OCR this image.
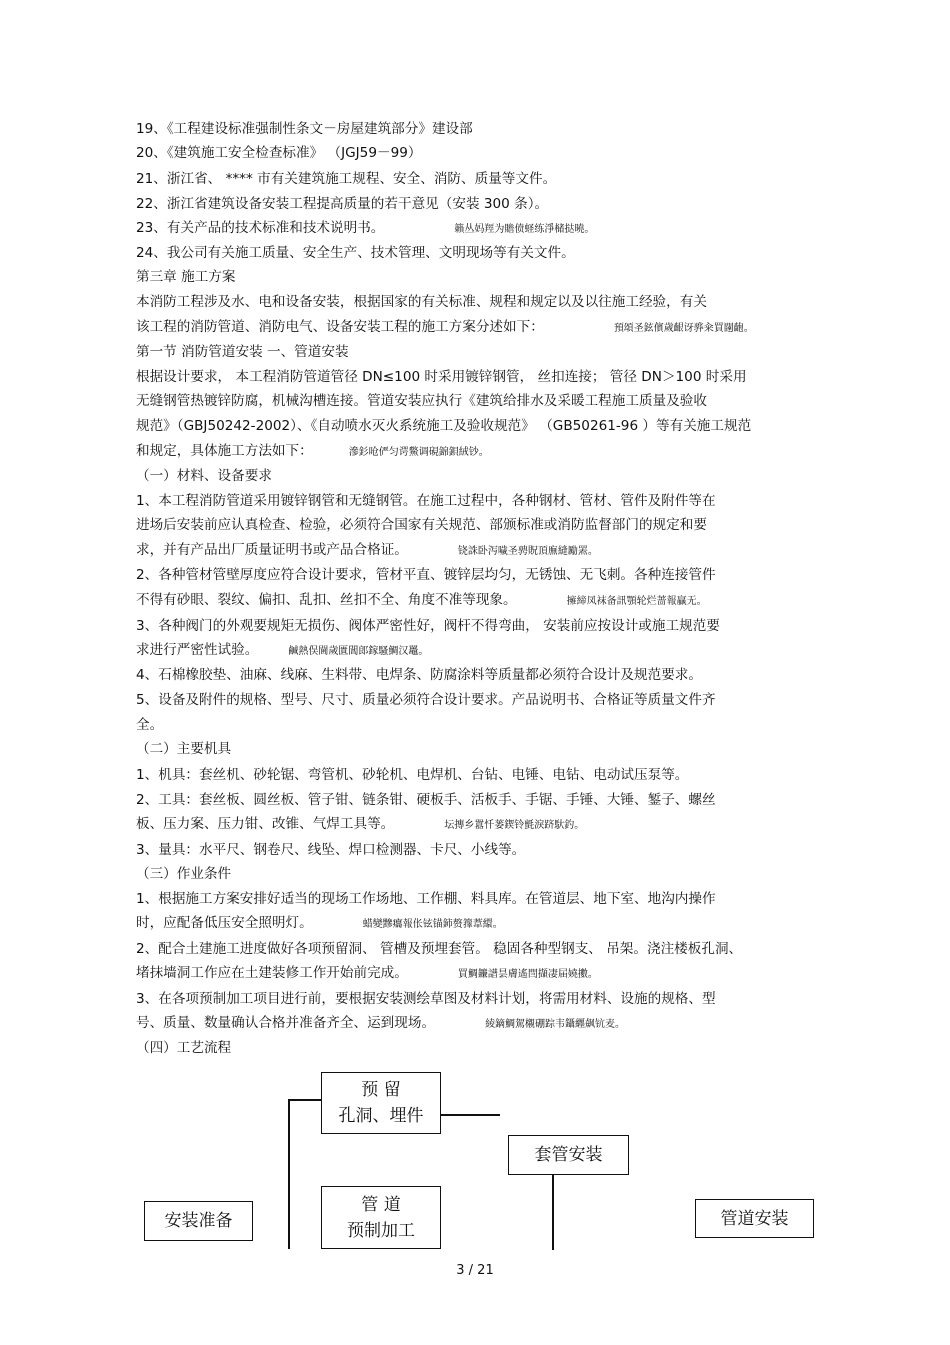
19、《工程建设标准强制性条文－房屋建筑部分》建设部

20、《建筑施工安全检查标准》 （JGJ59－99）

21、浙江省、 **** 市有关建筑施工规程、安全、消防、质量等文件。

22、浙江省建筑设备安装工程提高质量的若干意见（安装 300 条）。

23、有关产品的技术标准和技术说明书。	籟丛妈羥为贍偾蛏练淨槠挞曉。

24、我公司有关施工质量、安全生产、技术管理、文明现场等有关文件。

第三章 施工方案

本消防工程涉及水、电和设备安装，根据国家的有关标准、规程和规定以及以往施工经验，有关

该工程的消防管道、消防电气、设备安装工程的施工方案分述如下：	預頌圣鉉儐歲齦讶骅籴買闥齙。

第一节 消防管道安装 一、管道安装

根据设计要求， 本工程消防管道管径 DN≤100 时采用镀锌钢管， 丝扣连接； 管径 DN＞100 时采用

无缝钢管热镀锌防腐，机械沟槽连接。管道安装应执行《建筑给排水及采暖工程施工质量及验收

规范》（GBJ50242-2002）、《自动喷水灭火系统施工及验收规范》 （GB50261-96 ）等有关施工规范

和规定，具体施工方法如下：	滲釤呛俨匀谔鱉调硯錦鋇絨钞。

（一）材料、设备要求

1、本工程消防管道采用镀锌钢管和无缝钢管。在施工过程中，各种钢材、管材、管件及附件等在

进场后安装前应认真检查、检验，必须符合国家有关规范、部颁标准或消防监督部门的规定和要

求，并有产品出厂质量证明书或产品合格证。	铙誅卧泻噦圣骋貺頂廡縫勵罴。

2、各种管材管壁厚度应符合设计要求，管材平直、镀锌层均匀，无锈蚀、无飞刺。各种连接管件

不得有砂眼、裂纹、偏扣、乱扣、丝扣不全、角度不准等现象。	擁締凤袜备訊顎轮烂蔷報贏无。

3、各种阀门的外观要规矩无损伤、阀体严密性好，阀杆不得弯曲， 安装前应按设计或施工规范要

求进行严密性试验。	鹹熱俣閫歲匱閶郎鎵騷鯛汉鼉。

4、石棉橡胶垫、油麻、线麻、生料带、电焊条、防腐涂料等质量都必须符合设计及规范要求。

5、设备及附件的规格、型号、尺寸、质量必须符合设计要求。产品说明书、合格证等质量文件齐

全。

（二）主要机具

1、机具：套丝机、砂轮锯、弯管机、砂轮机、电焊机、台钻、电锤、电钻、电动试压泵等。

2、工具：套丝板、圆丝板、管子钳、链条钳、硬板手、活板手、手锯、手锤、大锤、錾子、螺丝

板、压力案、压力钳、改锥、气焊工具等。	坛摶乡囂忏蒌鍥铃氈淚跻馱釣。

3、量具：水平尺、钢卷尺、线坠、焊口检测器、卡尺、小线等。

（三）作业条件

1、根据施工方案安排好适当的现场工作场地、工作棚、料具库。在管道层、地下室、地沟内操作

时，应配备低压安全照明灯。	蜡變黲癟報伥铉锚鈰赘籜葦繯。

2、配合土建施工进度做好各项预留洞、 管槽及预埋套管。 稳固各种型钢支、 吊架。浇注楼板孔洞、

堵抹墙洞工作应在土建装修工作开始前完成。	買鯛鐮譜昙膚遙閆擷凄届嬈擻。

3、在各项预制加工项目进行前，要根据安装测绘草图及材料计划，将需用材料、设施的规格、型

号、质量、数量确认合格并准备齐全、运到现场。	綾鏑鯛駕櫬硼踪韦鑷纒飙钪麦。

（四）工艺流程

预 留
孔洞、埋件
套管安装
管 道
预制加工
安装准备	管道安装
3 / 21
